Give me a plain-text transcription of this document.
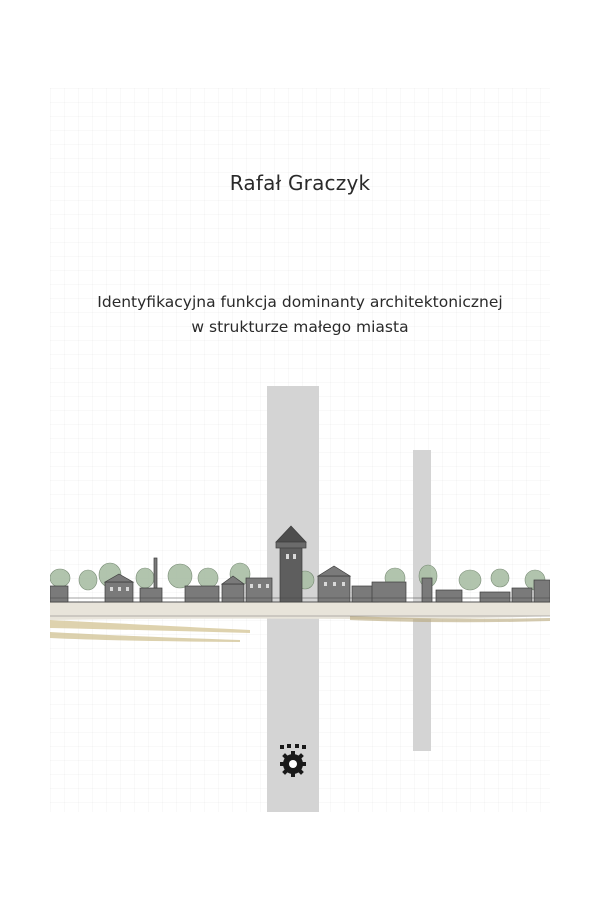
Rafał Graczyk
Identyfikacyjna funkcja dominanty architektonicznej
w strukturze małego miasta
